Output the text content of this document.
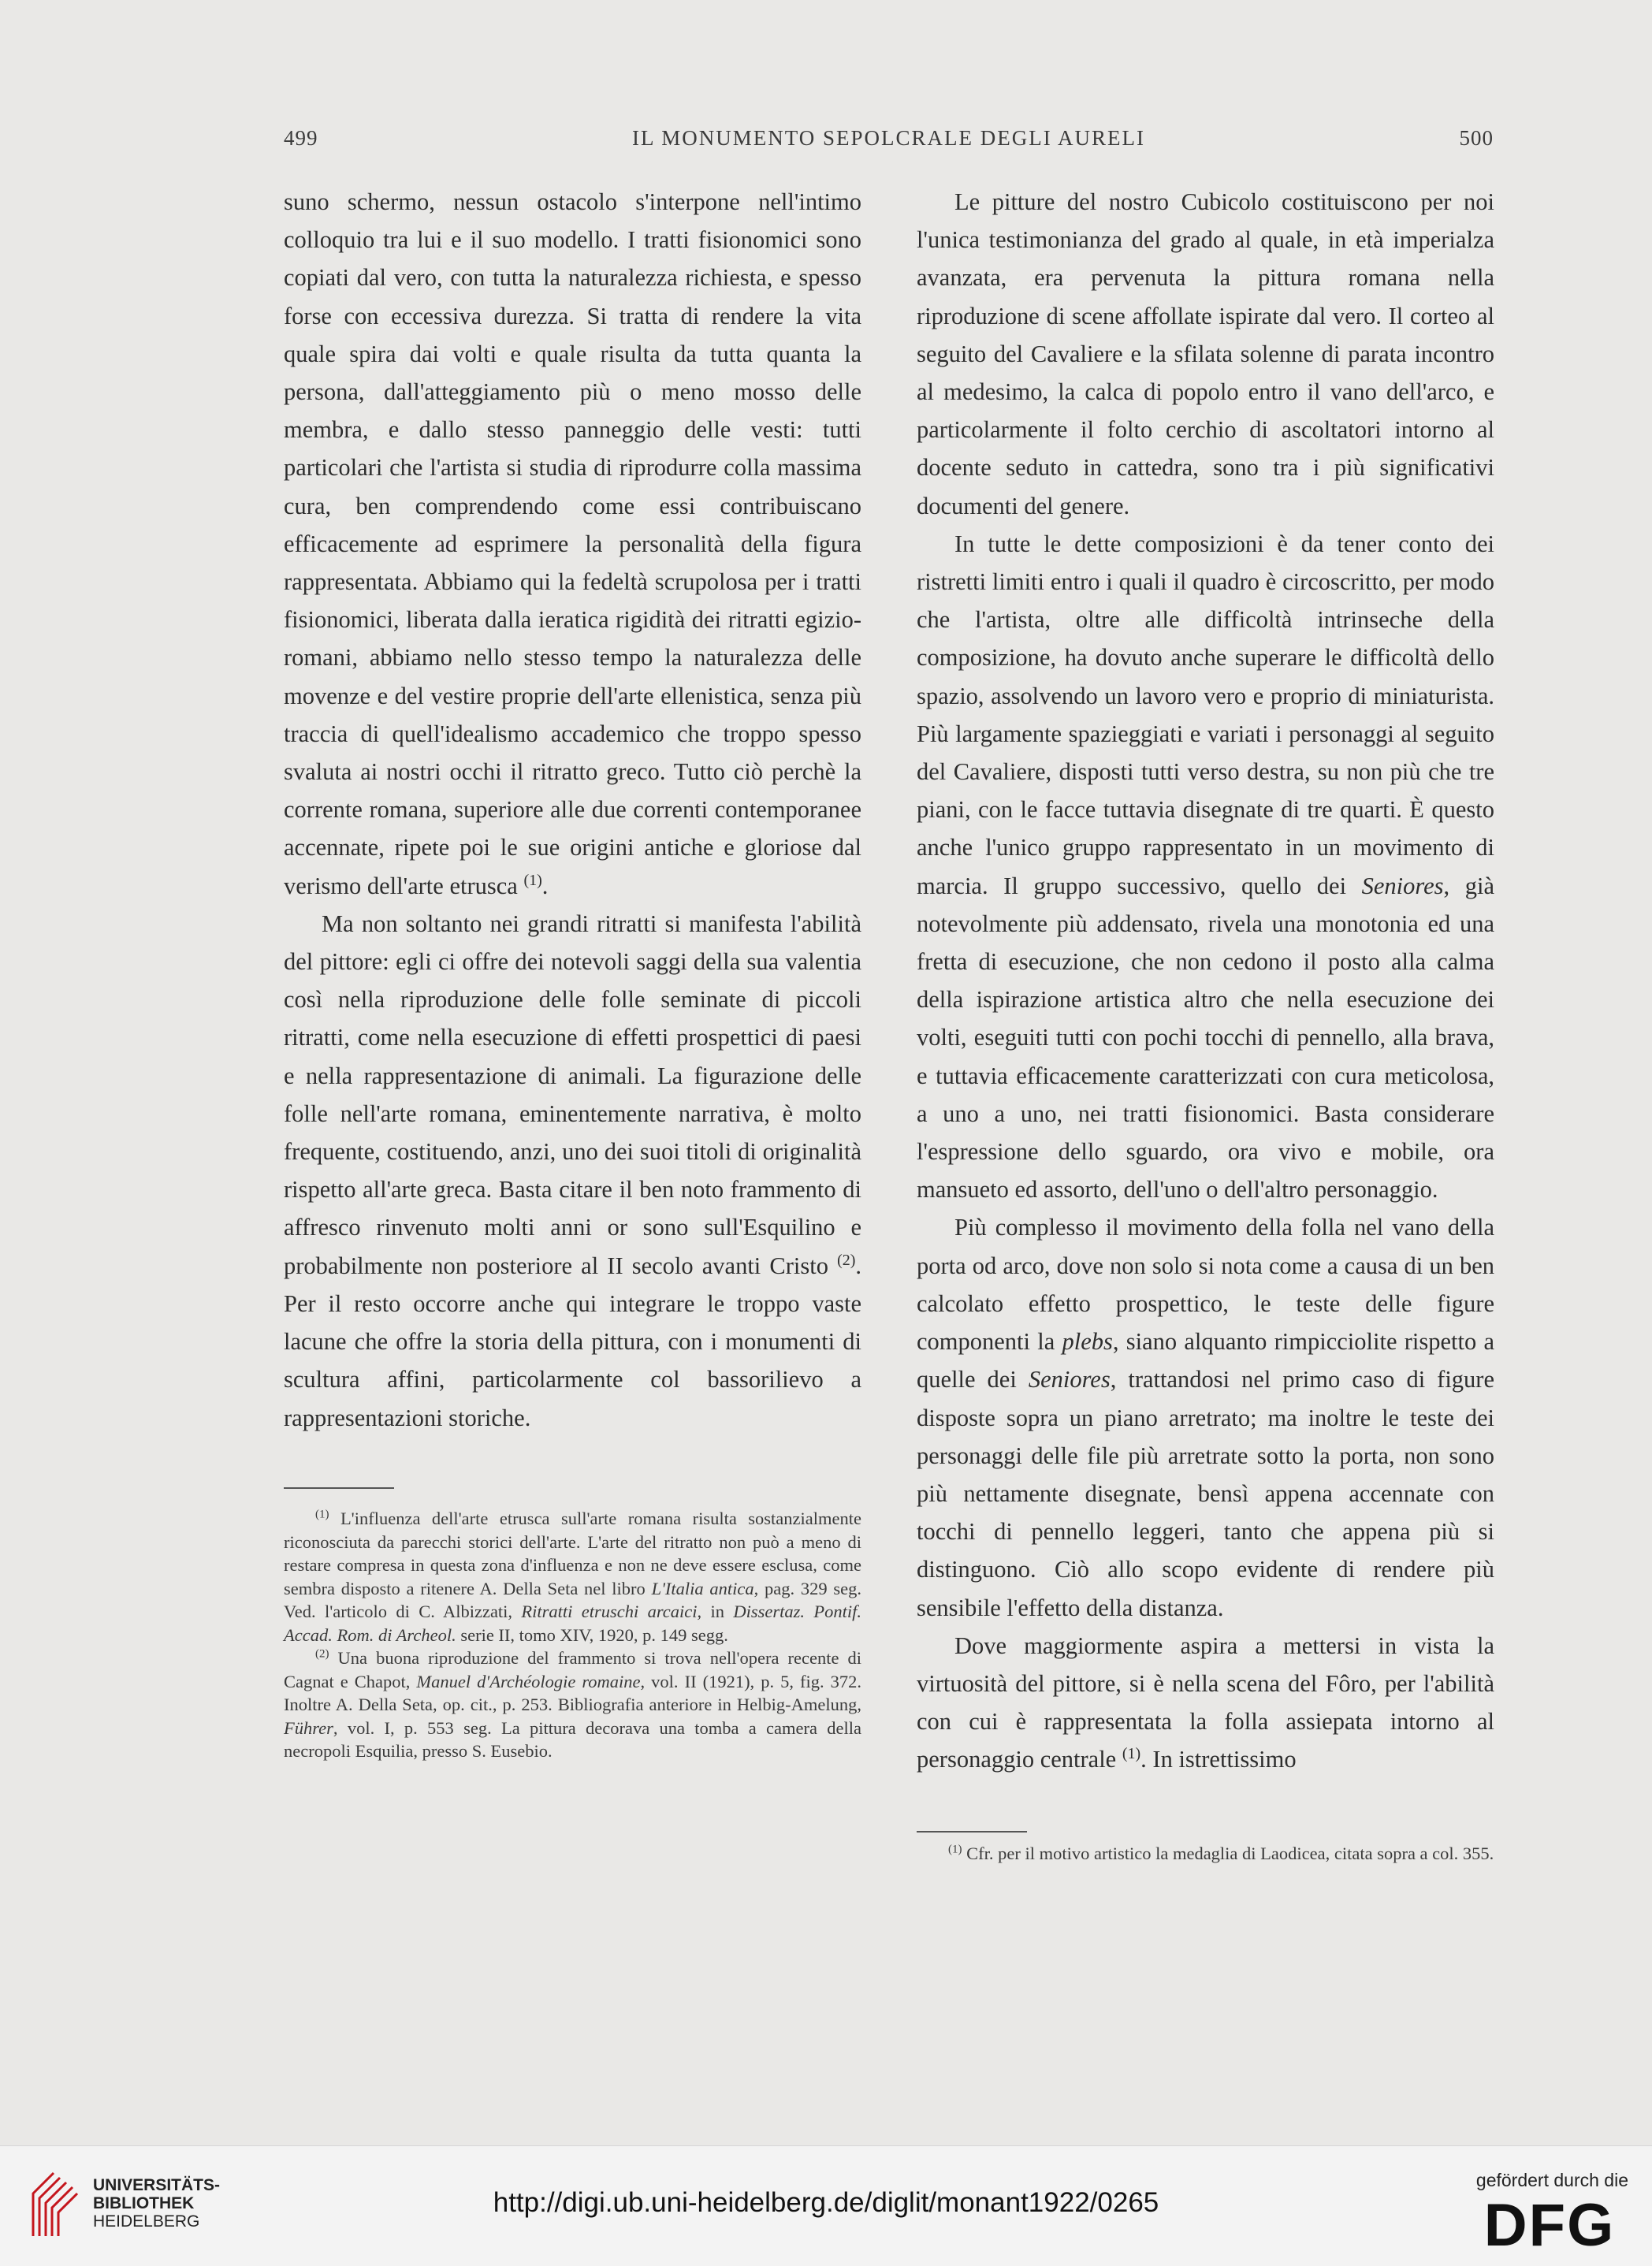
499	IL MONUMENTO SEPOLCRALE DEGLI AURELI	500

suno schermo, nessun ostacolo s'interpone nell'intimo colloquio tra lui e il suo modello. I tratti fisionomici sono copiati dal vero, con tutta la naturalezza richiesta, e spesso forse con eccessiva durezza. Si tratta di rendere la vita quale spira dai volti e quale risulta da tutta quanta la persona, dall'atteggiamento più o meno mosso delle membra, e dallo stesso panneggio delle vesti: tutti particolari che l'artista si studia di riprodurre colla massima cura, ben comprendendo come essi contribuiscano efficacemente ad esprimere la personalità della figura rappresentata. Abbiamo qui la fedeltà scrupolosa per i tratti fisionomici, liberata dalla ieratica rigidità dei ritratti egizio-romani, abbiamo nello stesso tempo la naturalezza delle movenze e del vestire proprie dell'arte ellenistica, senza più traccia di quell'idealismo accademico che troppo spesso svaluta ai nostri occhi il ritratto greco. Tutto ciò perchè la corrente romana, superiore alle due correnti contemporanee accennate, ripete poi le sue origini antiche e gloriose dal verismo dell'arte etrusca $^{(1)}$.

Ma non soltanto nei grandi ritratti si manifesta l'abilità del pittore: egli ci offre dei notevoli saggi della sua valentia così nella riproduzione delle folle seminate di piccoli ritratti, come nella esecuzione di effetti prospettici di paesi e nella rappresentazione di animali. La figurazione delle folle nell'arte romana, eminentemente narrativa, è molto frequente, costituendo, anzi, uno dei suoi titoli di originalità rispetto all'arte greca. Basta citare il ben noto frammento di affresco rinvenuto molti anni or sono sull'Esquilino e probabilmente non posteriore al II secolo avanti Cristo $^{(2)}$. Per il resto occorre anche qui integrare le troppo vaste lacune che offre la storia della pittura, con i monumenti di scultura affini, particolarmente col bassorilievo a rappresentazioni storiche.

$^{(1)}$ L'influenza dell'arte etrusca sull'arte romana risulta sostanzialmente riconosciuta da parecchi storici dell'arte. L'arte del ritratto non può a meno di restare compresa in questa zona d'influenza e non ne deve essere esclusa, come sembra disposto a ritenere A. Della Seta nel libro L'Italia antica, pag. 329 seg. Ved. l'articolo di C. Albizzati, Ritratti etruschi arcaici, in Dissertaz. Pontif. Accad. Rom. di Archeol. serie II, tomo XIV, 1920, p. 149 segg.

$^{(2)}$ Una buona riproduzione del frammento si trova nell'opera recente di Cagnat e Chapot, Manuel d'Archéologie romaine, vol. II (1921), p. 5, fig. 372. Inoltre A. Della Seta, op. cit., p. 253. Bibliografia anteriore in Helbig-Amelung, Führer, vol. I, p. 553 seg. La pittura decorava una tomba a camera della necropoli Esquilia, presso S. Eusebio.

Le pitture del nostro Cubicolo costituiscono per noi l'unica testimonianza del grado al quale, in età imperialza avanzata, era pervenuta la pittura romana nella riproduzione di scene affollate ispirate dal vero. Il corteo al seguito del Cavaliere e la sfilata solenne di parata incontro al medesimo, la calca di popolo entro il vano dell'arco, e particolarmente il folto cerchio di ascoltatori intorno al docente seduto in cattedra, sono tra i più significativi documenti del genere.

In tutte le dette composizioni è da tener conto dei ristretti limiti entro i quali il quadro è circoscritto, per modo che l'artista, oltre alle difficoltà intrinseche della composizione, ha dovuto anche superare le difficoltà dello spazio, assolvendo un lavoro vero e proprio di miniaturista. Più largamente spazieggiati e variati i personaggi al seguito del Cavaliere, disposti tutti verso destra, su non più che tre piani, con le facce tuttavia disegnate di tre quarti. È questo anche l'unico gruppo rappresentato in un movimento di marcia. Il gruppo successivo, quello dei Seniores, già notevolmente più addensato, rivela una monotonia ed una fretta di esecuzione, che non cedono il posto alla calma della ispirazione artistica altro che nella esecuzione dei volti, eseguiti tutti con pochi tocchi di pennello, alla brava, e tuttavia efficacemente caratterizzati con cura meticolosa, a uno a uno, nei tratti fisionomici. Basta considerare l'espressione dello sguardo, ora vivo e mobile, ora mansueto ed assorto, dell'uno o dell'altro personaggio.

Più complesso il movimento della folla nel vano della porta od arco, dove non solo si nota come a causa di un ben calcolato effetto prospettico, le teste delle figure componenti la plebs, siano alquanto rimpicciolite rispetto a quelle dei Seniores, trattandosi nel primo caso di figure disposte sopra un piano arretrato; ma inoltre le teste dei personaggi delle file più arretrate sotto la porta, non sono più nettamente disegnate, bensì appena accennate con tocchi di pennello leggeri, tanto che appena più si distinguono. Ciò allo scopo evidente di rendere più sensibile l'effetto della distanza.

Dove maggiormente aspira a mettersi in vista la virtuosità del pittore, si è nella scena del Fôro, per l'abilità con cui è rappresentata la folla assiepata intorno al personaggio centrale $^{(1)}$. In istrettissimo

$^{(1)}$ Cfr. per il motivo artistico la medaglia di Laodicea, citata sopra a col. 355.

UNIVERSITÄTS-
BIBLIOTHEK
HEIDELBERG
http://digi.ub.uni-heidelberg.de/diglit/monant1922/0265
gefördert durch die
DFG
